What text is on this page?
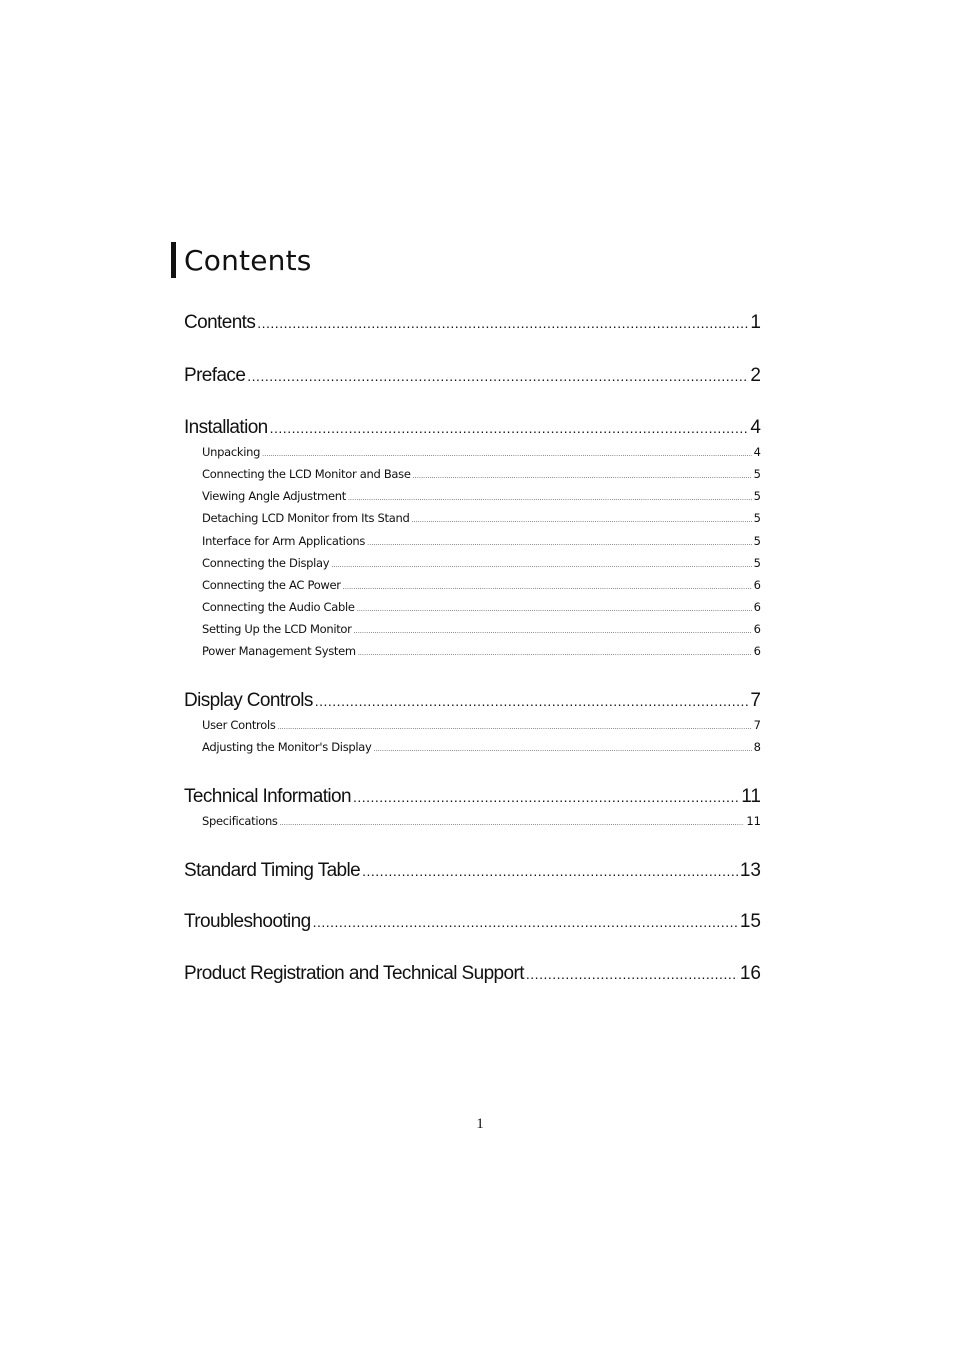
Contents
Contents .....	1
Preface .....	2
Installation .....	4
Unpacking .....	4
Connecting the LCD Monitor and Base .....	5
Viewing Angle Adjustment .....	5
Detaching LCD Monitor from Its Stand .....	5
Interface for Arm Applications .....	5
Connecting the Display .....	5
Connecting the AC Power .....	6
Connecting the Audio Cable .....	6
Setting Up the LCD Monitor .....	6
Power Management System .....	6
Display Controls .....	7
User Controls .....	7
Adjusting the Monitor's Display .....	8
Technical Information .....	11
Specifications .....	11
Standard Timing Table .....	13
Troubleshooting .....	15
Product Registration and Technical Support .....	16
1
